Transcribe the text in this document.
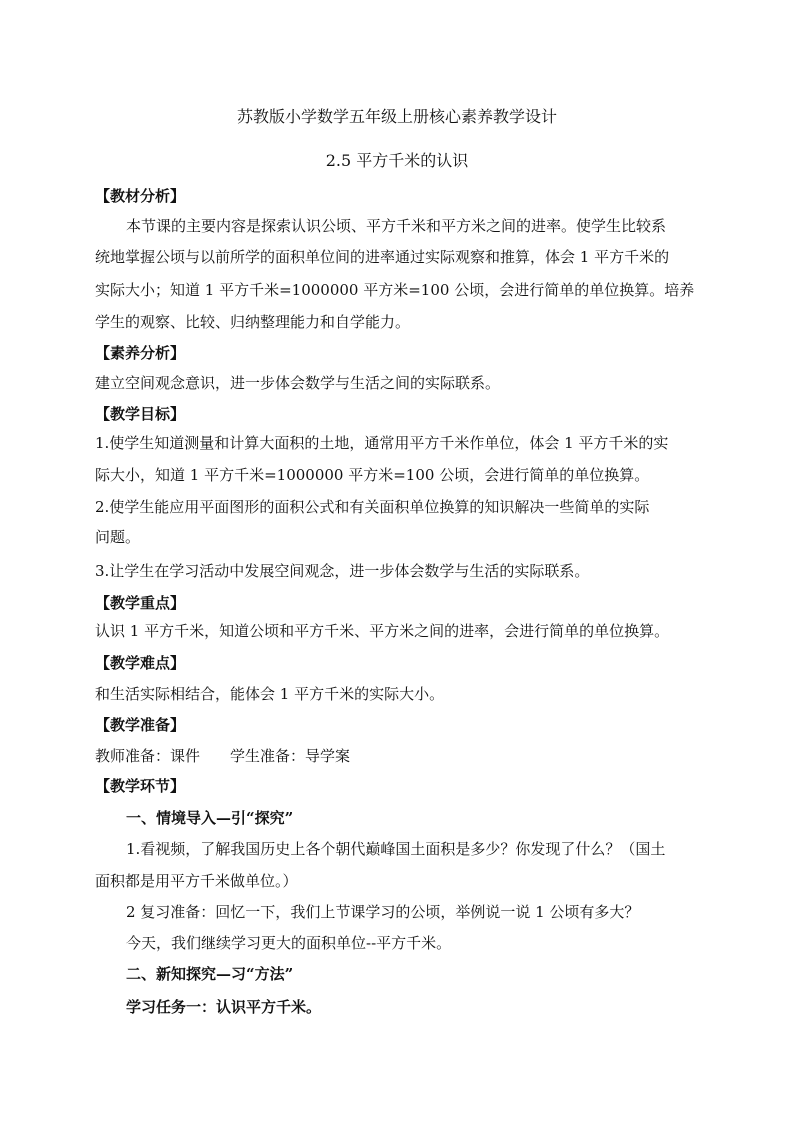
苏教版小学数学五年级上册核心素养教学设计
2.5 平方千米的认识
【教材分析】
本节课的主要内容是探索认识公顷、平方千米和平方米之间的进率。使学生比较系
统地掌握公顷与以前所学的面积单位间的进率通过实际观察和推算，体会 1 平方千米的
实际大小；知道 1 平方千米=1000000 平方米=100 公顷，会进行简单的单位换算。培养
学生的观察、比较、归纳整理能力和自学能力。
【素养分析】
建立空间观念意识，进一步体会数学与生活之间的实际联系。
【教学目标】
1.使学生知道测量和计算大面积的土地，通常用平方千米作单位，体会 1 平方千米的实
际大小，知道 1 平方千米=1000000 平方米=100 公顷，会进行简单的单位换算。
2.使学生能应用平面图形的面积公式和有关面积单位换算的知识解决一些简单的实际
问题。
3.让学生在学习活动中发展空间观念，进一步体会数学与生活的实际联系。
【教学重点】
认识 1 平方千米，知道公顷和平方千米、平方米之间的进率，会进行简单的单位换算。
【教学难点】
和生活实际相结合，能体会 1 平方千米的实际大小。
【教学准备】
教师准备：课件 学生准备：导学案
【教学环节】
一、情境导入—引“探究”
1.看视频，了解我国历史上各个朝代巅峰国土面积是多少？你发现了什么？（国土
面积都是用平方千米做单位。）
2 复习准备：回忆一下，我们上节课学习的公顷，举例说一说 1 公顷有多大？
今天，我们继续学习更大的面积单位--平方千米。
二、新知探究—习“方法”
学习任务一：认识平方千米。
